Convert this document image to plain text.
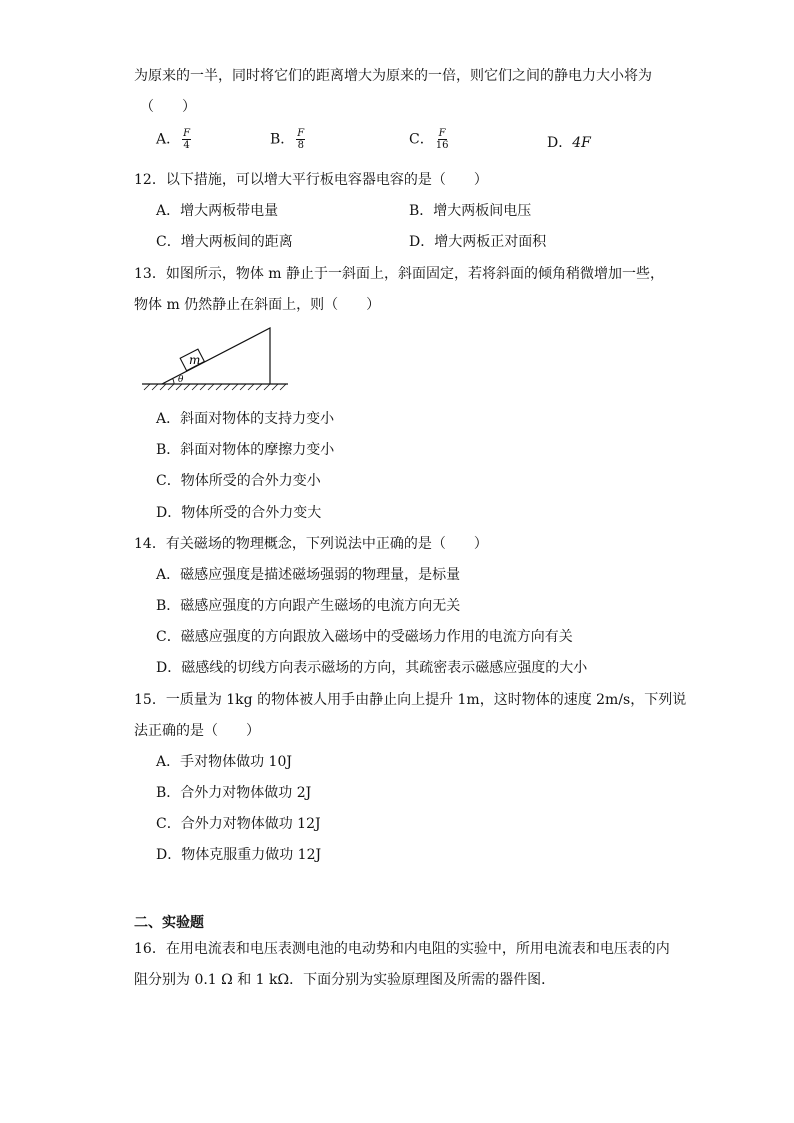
为原来的一半，同时将它们的距离增大为原来的一倍，则它们之间的静电力大小将为
（　　）
A． $\frac{F}{4}$	B． $\frac{F}{8}$	C． $\frac{F}{16}$	D．4F
12．以下措施，可以增大平行板电容器电容的是（　　）
A．增大两板带电量	B．增大两板间电压
C．增大两板间的距离	D．增大两板正对面积
13．如图所示，物体 m 静止于一斜面上，斜面固定，若将斜面的倾角稍微增加一些，
物体 m 仍然静止在斜面上，则（　　）
m
θ
A．斜面对物体的支持力变小
B．斜面对物体的摩擦力变小
C．物体所受的合外力变小
D．物体所受的合外力变大
14．有关磁场的物理概念，下列说法中正确的是（　　）
A．磁感应强度是描述磁场强弱的物理量，是标量
B．磁感应强度的方向跟产生磁场的电流方向无关
C．磁感应强度的方向跟放入磁场中的受磁场力作用的电流方向有关
D．磁感线的切线方向表示磁场的方向，其疏密表示磁感应强度的大小
15．一质量为 1kg 的物体被人用手由静止向上提升 1m，这时物体的速度 2m/s，下列说
法正确的是（　　）
A．手对物体做功 10J
B．合外力对物体做功 2J
C．合外力对物体做功 12J
D．物体克服重力做功 12J
二、实验题
16．在用电流表和电压表测电池的电动势和内电阻的实验中，所用电流表和电压表的内
阻分别为 0.1 Ω 和 1 kΩ．下面分别为实验原理图及所需的器件图．
